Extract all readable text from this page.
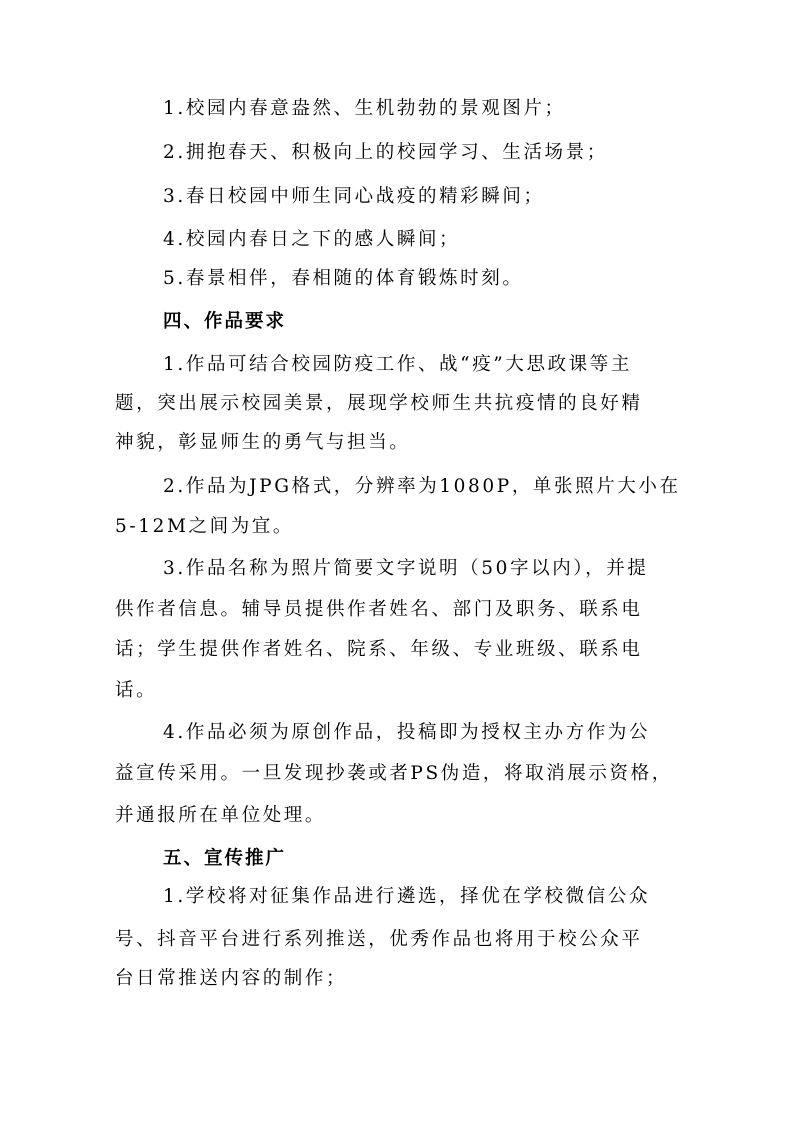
1.校园内春意盎然、生机勃勃的景观图片；
2.拥抱春天、积极向上的校园学习、生活场景；
3.春日校园中师生同心战疫的精彩瞬间；
4.校园内春日之下的感人瞬间；
5.春景相伴，春相随的体育锻炼时刻。
四、作品要求
1.作品可结合校园防疫工作、战“疫”大思政课等主
题，突出展示校园美景，展现学校师生共抗疫情的良好精
神貌，彰显师生的勇气与担当。
2.作品为JPG格式，分辨率为1080P，单张照片大小在
5-12M之间为宜。
3.作品名称为照片简要文字说明（50字以内），并提
供作者信息。辅导员提供作者姓名、部门及职务、联系电
话；学生提供作者姓名、院系、年级、专业班级、联系电
话。
4.作品必须为原创作品，投稿即为授权主办方作为公
益宣传采用。一旦发现抄袭或者PS伪造，将取消展示资格，
并通报所在单位处理。
五、宣传推广
1.学校将对征集作品进行遴选，择优在学校微信公众
号、抖音平台进行系列推送，优秀作品也将用于校公众平
台日常推送内容的制作；
